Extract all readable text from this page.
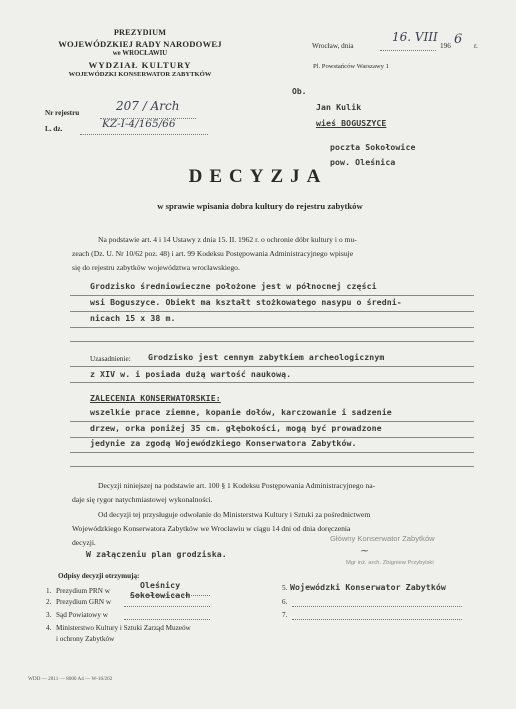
PREZYDIUM
WOJEWÓDZKIEJ RADY NARODOWEJ
we WROCŁAWIU
WYDZIAŁ KULTURY
WOJEWÓDZKI KONSERWATOR ZABYTKÓW
Wrocław, dnia
16. VIII
196 6 r.
Pl. Powstańców Warszawy 1
Nr rejestru	207 / Arch
L. dz.	KZ-I-4/165/66
Ob.
Jan Kulik
wieś BOGUSZYCE
poczta Sokołowice
pow. Oleśnica
DECYZJA
w sprawie wpisania dobra kultury do rejestru zabytków
Na podstawie art. 4 i 14 Ustawy z dnia 15. II. 1962 r. o ochronie dóbr kultury i o mu-
zeach (Dz. U. Nr 10/62 poz. 48) i art. 99 Kodeksu Postępowania Administracyjnego wpisuje
się do rejestru zabytków województwa wrocławskiego.
Grodzisko średniowieczne położone jest w północnej części
wsi Boguszyce. Obiekt ma kształt stożkowatego nasypu o średni-
nicach 15 x 38 m.
Uzasadnienie: Grodzisko jest cennym zabytkiem archeologicznym
z XIV w. i posiada dużą wartość naukową.
ZALECENIA KONSERWATORSKIE:
wszelkie prace ziemne, kopanie dołów, karczowanie i sadzenie
drzew, orka poniżej 35 cm. głębokości, mogą być prowadzone
jedynie za zgodą Wojewódzkiego Konserwatora Zabytków.
Decyzji niniejszej na podstawie art. 100 § 1 Kodeksu Postępowania Administracyjnego na-
daje się rygor natychmiastowej wykonalności.
Od decyzji tej przysługuje odwołanie do Ministerstwa Kultury i Sztuki za pośrednictwem
Wojewódzkiego Konserwatora Zabytków we Wrocławiu w ciągu 14 dni od dnia doręczenia
decyzji.
W załączeniu plan grodziska.
Główny Konserwator Zabytków
~
Mgr inż. arch. Zbigniew Przybylski
Odpisy decyzji otrzymują:
1. Prezydium PRN w
Oleśnicy
2. Prezydium GRN w
Sokołowicach
3. Sąd Powiatowy w
4. Ministerstwo Kultury i Sztuki Zarząd Muzeów
i ochrony Zabytków
5. Wojewódzki Konserwator Zabytków
6.
7.
WDD — 2811 — 8000 A4 — W-16/262
